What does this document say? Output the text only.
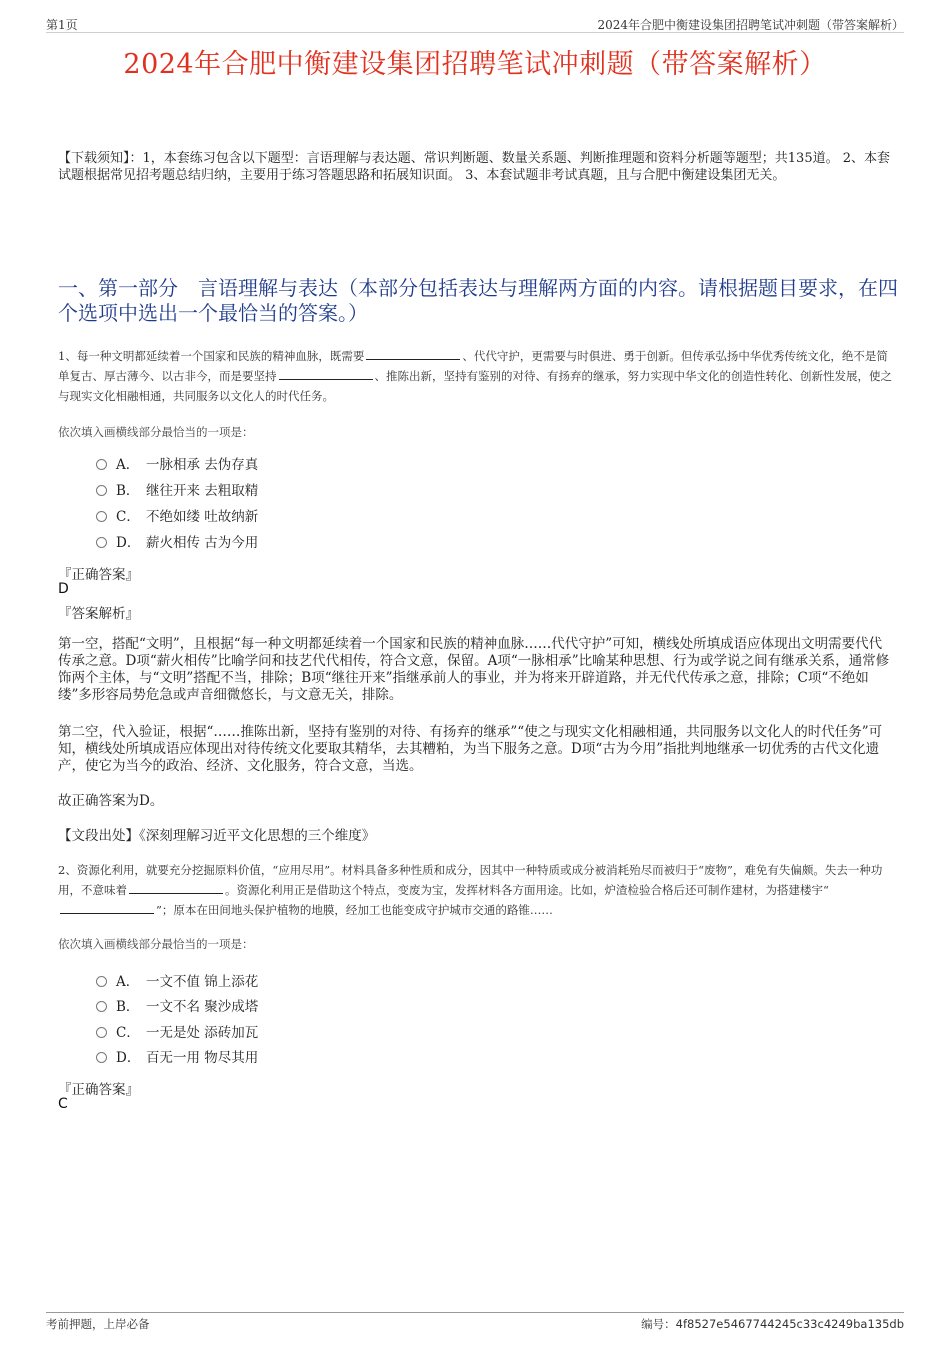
第1页	2024年合肥中衡建设集团招聘笔试冲刺题（带答案解析）
2024年合肥中衡建设集团招聘笔试冲刺题（带答案解析）
【下载须知】：1，本套练习包含以下题型：言语理解与表达题、常识判断题、数量关系题、判断推理题和资料分析题等题型；共135道。 2、本套试题根据常见招考题总结归纳，主要用于练习答题思路和拓展知识面。 3、本套试题非考试真题，且与合肥中衡建设集团无关。
一、第一部分　言语理解与表达（本部分包括表达与理解两方面的内容。请根据题目要求，在四个选项中选出一个最恰当的答案。）
1、每一种文明都延续着一个国家和民族的精神血脉，既需要	、代代守护，更需要与时俱进、勇于创新。但传承弘扬中华优秀传统文化，绝不是简单复古、厚古薄今、以古非今，而是要坚持	、推陈出新，坚持有鉴别的对待、有扬弃的继承，努力实现中华文化的创造性转化、创新性发展，使之与现实文化相融相通，共同服务以文化人的时代任务。
依次填入画横线部分最恰当的一项是：
A． 一脉相承 去伪存真
B． 继往开来 去粗取精
C． 不绝如缕 吐故纳新
D． 薪火相传 古为今用
『正确答案』
D
『答案解析』
第一空，搭配“文明”，且根据“每一种文明都延续着一个国家和民族的精神血脉……代代守护”可知，横线处所填成语应体现出文明需要代代传承之意。D项“薪火相传”比喻学问和技艺代代相传，符合文意，保留。A项“一脉相承”比喻某种思想、行为或学说之间有继承关系，通常修饰两个主体，与“文明”搭配不当，排除；B项“继往开来”指继承前人的事业，并为将来开辟道路，并无代代传承之意，排除；C项“不绝如缕”多形容局势危急或声音细微悠长，与文意无关，排除。
第二空，代入验证，根据“……推陈出新，坚持有鉴别的对待、有扬弃的继承”“使之与现实文化相融相通，共同服务以文化人的时代任务”可知，横线处所填成语应体现出对待传统文化要取其精华，去其糟粕，为当下服务之意。D项“古为今用”指批判地继承一切优秀的古代文化遗产，使它为当今的政治、经济、文化服务，符合文意，当选。
故正确答案为D。
【文段出处】《深刻理解习近平文化思想的三个维度》
2、资源化利用，就要充分挖掘原料价值，“应用尽用”。材料具备多种性质和成分，因其中一种特质或成分被消耗殆尽而被归于“废物”，难免有失偏颇。失去一种功用，不意味着	。资源化利用正是借助这个特点，变废为宝，发挥材料各方面用途。比如，炉渣检验合格后还可制作建材，为搭建楼宇“”；原本在田间地头保护植物的地膜，经加工也能变成守护城市交通的路锥……
依次填入画横线部分最恰当的一项是：
A． 一文不值 锦上添花
B． 一文不名 聚沙成塔
C． 一无是处 添砖加瓦
D． 百无一用 物尽其用
『正确答案』
C
考前押题，上岸必备	编号：4f8527e5467744245c33c4249ba135db
